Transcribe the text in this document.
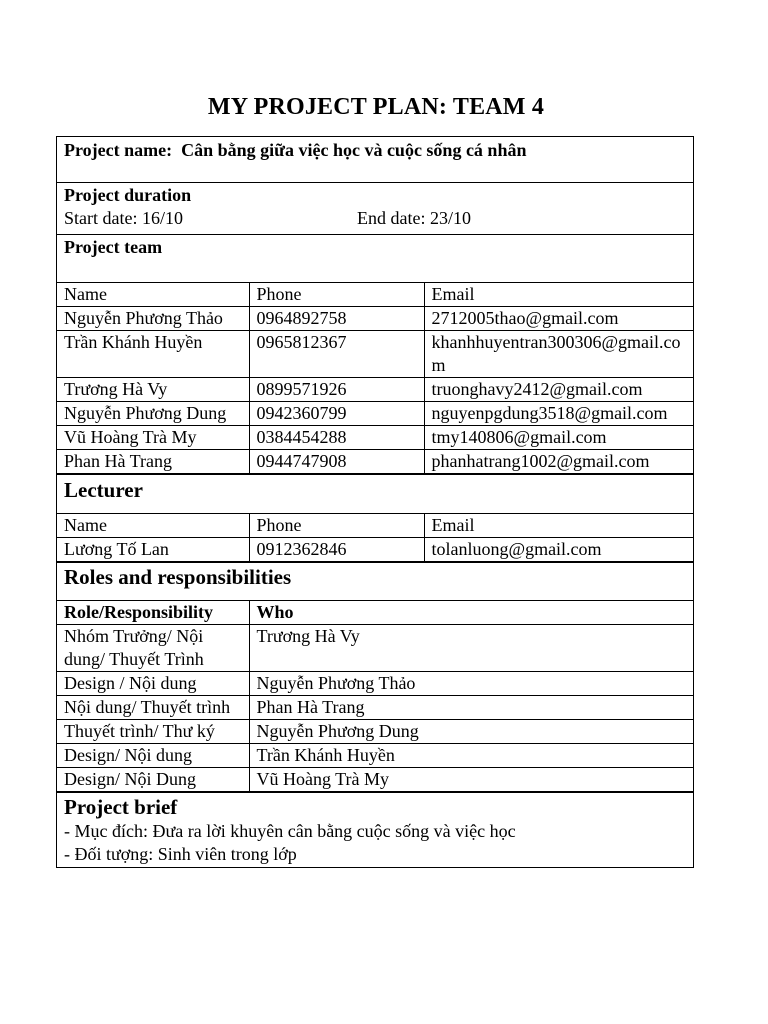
MY PROJECT PLAN: TEAM 4
Project name: Cân bằng giữa việc học và cuộc sống cá nhân
Project duration
Start date: 16/10	End date: 23/10
Project team
Name	Phone	Email
Nguyễn Phương Thảo	0964892758	2712005thao@gmail.com
Trần Khánh Huyền	0965812367	khanhhuyentran300306@gmail.com
Trương Hà Vy	0899571926	truonghavy2412@gmail.com
Nguyễn Phương Dung	0942360799	nguyenpgdung3518@gmail.com
Vũ Hoàng Trà My	0384454288	tmy140806@gmail.com
Phan Hà Trang	0944747908	phanhatrang1002@gmail.com
Lecturer
Name	Phone	Email
Lương Tố Lan	0912362846	tolanluong@gmail.com
Roles and responsibilities
Role/Responsibility	Who
Nhóm Trưởng/ Nội dung/ Thuyết Trình	Trương Hà Vy
Design / Nội dung	Nguyễn Phương Thảo
Nội dung/ Thuyết trình	Phan Hà Trang
Thuyết trình/ Thư ký	Nguyễn Phương Dung
Design/ Nội dung	Trần Khánh Huyền
Design/ Nội Dung	Vũ Hoàng Trà My
Project brief
- Mục đích: Đưa ra lời khuyên cân bằng cuộc sống và việc học
- Đối tượng: Sinh viên trong lớp
